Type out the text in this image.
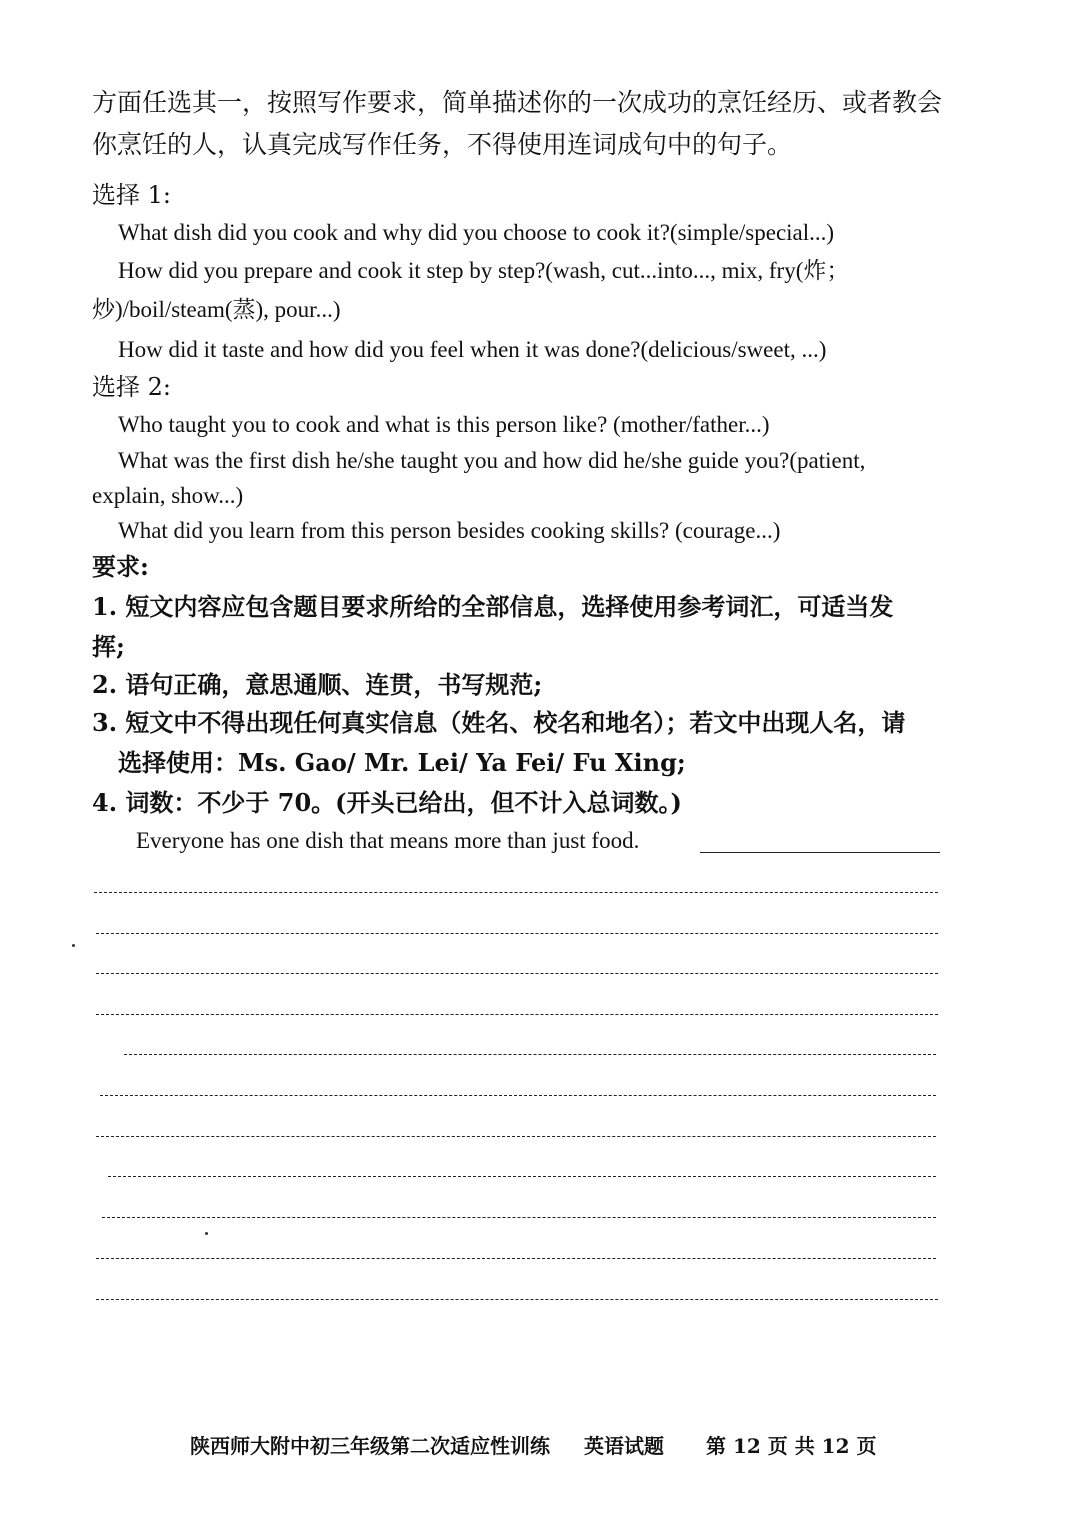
方面任选其一，按照写作要求，简单描述你的一次成功的烹饪经历、或者教会
你烹饪的人，认真完成写作任务，不得使用连词成句中的句子。
选择 1:
What dish did you cook and why did you choose to cook it?(simple/special...)
How did you prepare and cook it step by step?(wash, cut...into..., mix, fry(炸；
炒)/boil/steam(蒸), pour...)
How did it taste and how did you feel when it was done?(delicious/sweet, ...)
选择 2:
Who taught you to cook and what is this person like? (mother/father...)
What was the first dish he/she taught you and how did he/she guide you?(patient,
explain, show...)
What did you learn from this person besides cooking skills? (courage...)
要求:
1. 短文内容应包含题目要求所给的全部信息，选择使用参考词汇，可适当发
挥;
2. 语句正确，意思通顺、连贯，书写规范;
3. 短文中不得出现任何真实信息（姓名、校名和地名）；若文中出现人名，请
选择使用：Ms. Gao/ Mr. Lei/ Ya Fei/ Fu Xing;
4. 词数：不少于 70。(开头已给出，但不计入总词数。)
Everyone has one dish that means more than just food.
陕西师大附中初三年级第二次适应性训练 英语试题 第 12 页 共 12 页
